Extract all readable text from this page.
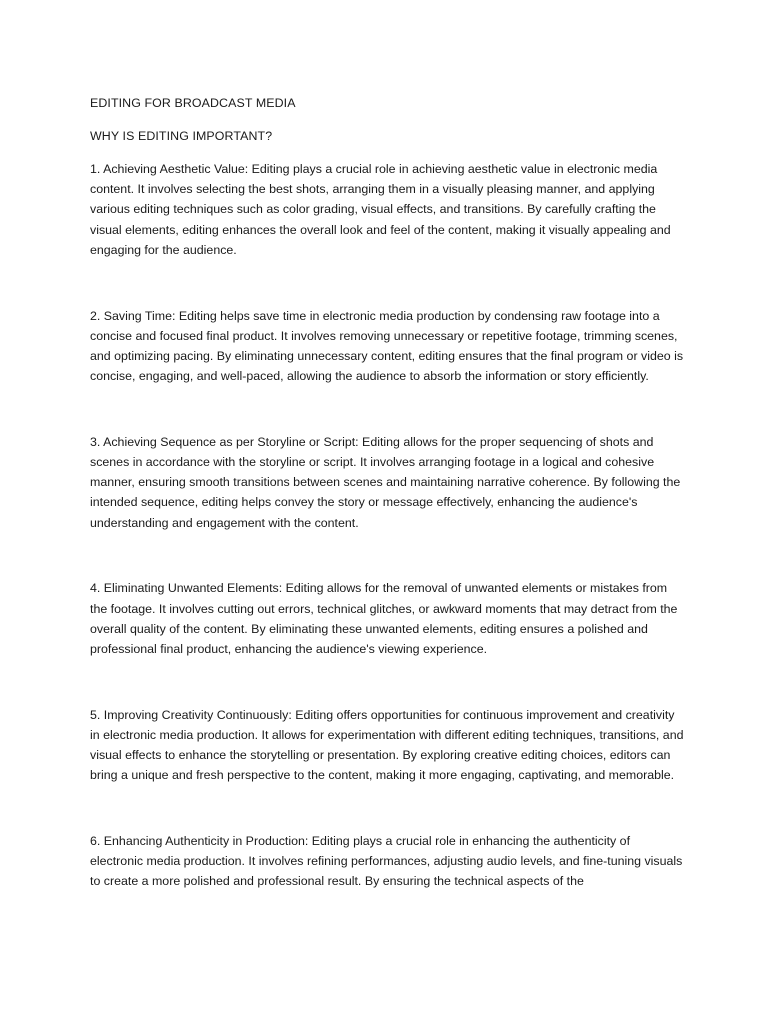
EDITING FOR BROADCAST MEDIA
WHY IS EDITING IMPORTANT?

1. Achieving Aesthetic Value: Editing plays a crucial role in achieving aesthetic value in electronic media content. It involves selecting the best shots, arranging them in a visually pleasing manner, and applying various editing techniques such as color grading, visual effects, and transitions. By carefully crafting the visual elements, editing enhances the overall look and feel of the content, making it visually appealing and engaging for the audience.

2. Saving Time: Editing helps save time in electronic media production by condensing raw footage into a concise and focused final product. It involves removing unnecessary or repetitive footage, trimming scenes, and optimizing pacing. By eliminating unnecessary content, editing ensures that the final program or video is concise, engaging, and well-paced, allowing the audience to absorb the information or story efficiently.

3. Achieving Sequence as per Storyline or Script: Editing allows for the proper sequencing of shots and scenes in accordance with the storyline or script. It involves arranging footage in a logical and cohesive manner, ensuring smooth transitions between scenes and maintaining narrative coherence. By following the intended sequence, editing helps convey the story or message effectively, enhancing the audience's understanding and engagement with the content.

4. Eliminating Unwanted Elements: Editing allows for the removal of unwanted elements or mistakes from the footage. It involves cutting out errors, technical glitches, or awkward moments that may detract from the overall quality of the content. By eliminating these unwanted elements, editing ensures a polished and professional final product, enhancing the audience's viewing experience.

5. Improving Creativity Continuously: Editing offers opportunities for continuous improvement and creativity in electronic media production. It allows for experimentation with different editing techniques, transitions, and visual effects to enhance the storytelling or presentation. By exploring creative editing choices, editors can bring a unique and fresh perspective to the content, making it more engaging, captivating, and memorable.

6. Enhancing Authenticity in Production: Editing plays a crucial role in enhancing the authenticity of electronic media production. It involves refining performances, adjusting audio levels, and fine-tuning visuals to create a more polished and professional result. By ensuring the technical aspects of the
